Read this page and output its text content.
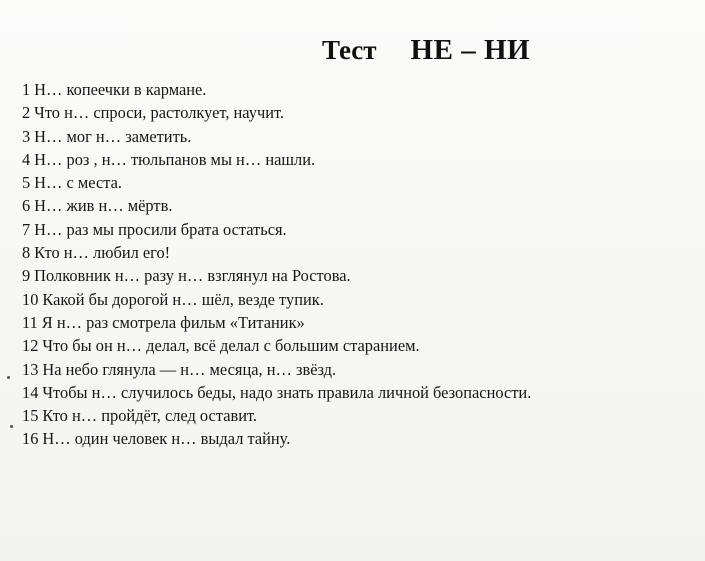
Тест НЕ – НИ
1 Н… копеечки в кармане.
2 Что н… спроси, растолкует, научит.
3 Н… мог н… заметить.
4 Н… роз , н… тюльпанов мы н… нашли.
5 Н… с места.
6 Н… жив н… мёртв.
7 Н… раз мы просили брата остаться.
8 Кто н… любил его!
9 Полковник н… разу н… взглянул на Ростова.
10 Какой бы дорогой н… шёл, везде тупик.
11 Я н… раз смотрела фильм «Титаник»
12 Что бы он н… делал, всё делал с большим старанием.
13 На небо глянула — н… месяца, н… звёзд.
14 Чтобы н… случилось беды, надо знать правила личной безопасности.
15 Кто н… пройдёт, след оставит.
16 Н… один человек н… выдал тайну.
